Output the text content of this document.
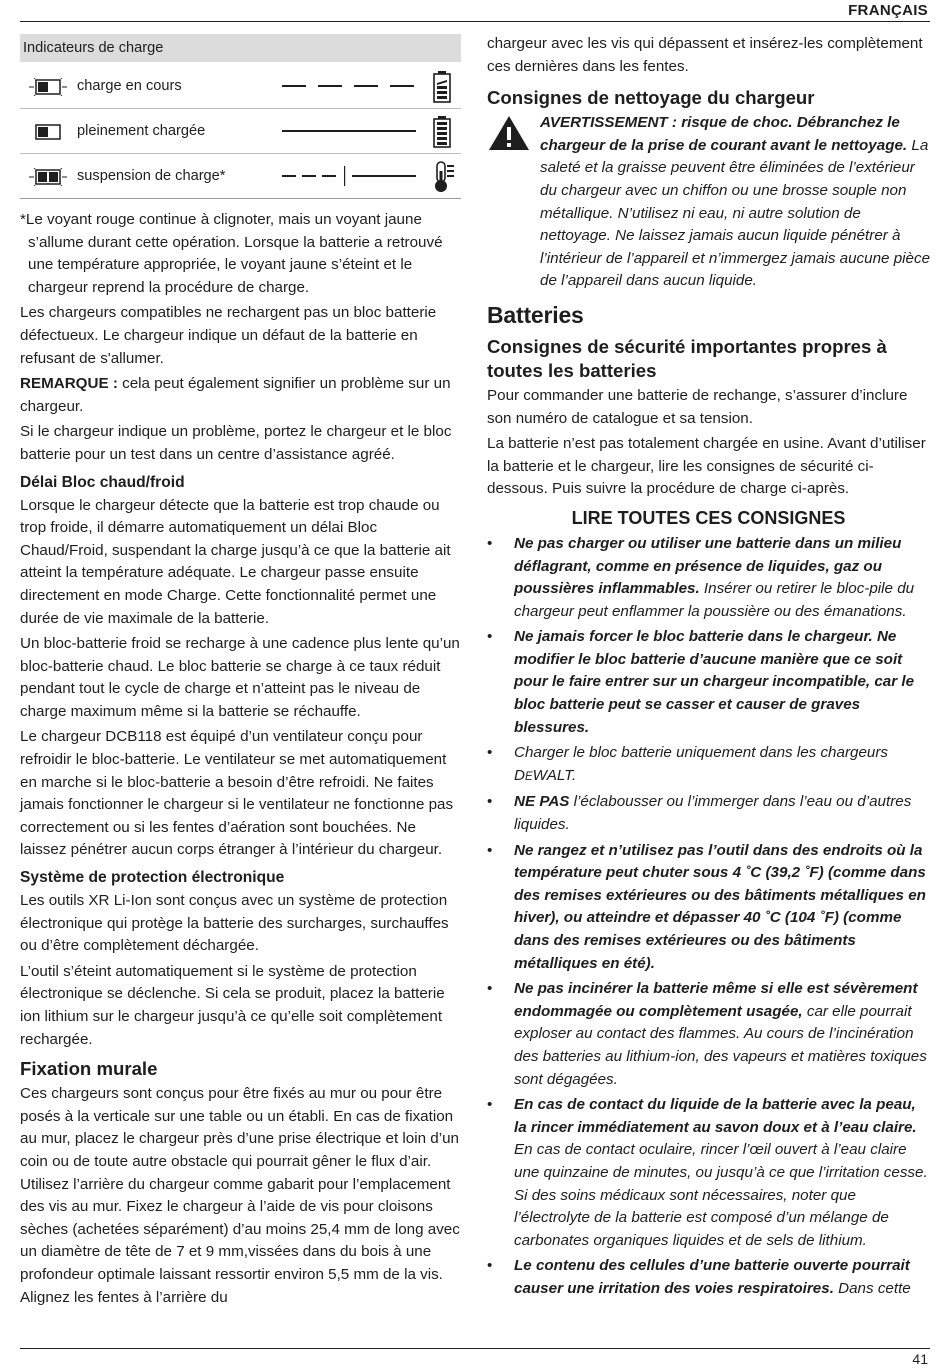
FRANÇAIS
Indicateurs de charge
charge en cours
pleinement chargée
suspension de charge*

*Le voyant rouge continue à clignoter, mais un voyant jaune s’allume durant cette opération. Lorsque la batterie a retrouvé une température appropriée, le voyant jaune s’éteint et le chargeur reprend la procédure de charge.

Les chargeurs compatibles ne rechargent pas un bloc batterie défectueux. Le chargeur indique un défaut de la batterie en refusant de s'allumer.

REMARQUE : cela peut également signifier un problème sur un chargeur.

Si le chargeur indique un problème, portez le chargeur et le bloc batterie pour un test dans un centre d’assistance agréé.

Délai Bloc chaud/froid

Lorsque le chargeur détecte que la batterie est trop chaude ou trop froide, il démarre automatiquement un délai Bloc Chaud/Froid, suspendant la charge jusqu’à ce que la batterie ait atteint la température adéquate. Le chargeur passe ensuite directement en mode Charge. Cette fonctionnalité permet une durée de vie maximale de la batterie.

Un bloc-batterie froid se recharge à une cadence plus lente qu’un bloc-batterie chaud. Le bloc batterie se charge à ce taux réduit pendant tout le cycle de charge et n’atteint pas le niveau de charge maximum même si la batterie se réchauffe.

Le chargeur DCB118 est équipé d’un ventilateur conçu pour refroidir le bloc-batterie. Le ventilateur se met automatiquement en marche si le bloc-batterie a besoin d’être refroidi. Ne faites jamais fonctionner le chargeur si le ventilateur ne fonctionne pas correctement ou si les fentes d’aération sont bouchées. Ne laissez pénétrer aucun corps étranger à l’intérieur du chargeur.

Système de protection électronique

Les outils XR Li-Ion sont conçus avec un système de protection électronique qui protège la batterie des surcharges, surchauffes ou d’être complètement déchargée.

L’outil s’éteint automatiquement si le système de protection électronique se déclenche. Si cela se produit, placez la batterie ion lithium sur le chargeur jusqu’à ce qu’elle soit complètement rechargée.

Fixation murale

Ces chargeurs sont conçus pour être fixés au mur ou pour être posés à la verticale sur une table ou un établi. En cas de fixation au mur, placez le chargeur près d’une prise électrique et loin d’un coin ou de toute autre obstacle qui pourrait gêner le flux d’air. Utilisez l’arrière du chargeur comme gabarit pour l’emplacement des vis au mur. Fixez le chargeur à l’aide de vis pour cloisons sèches (achetées séparément) d’au moins 25,4 mm de long avec un diamètre de tête de 7 et 9 mm,vissées dans du bois à une profondeur optimale laissant ressortir environ 5,5 mm de la vis. Alignez les fentes à l’arrière du

chargeur avec les vis qui dépassent et insérez-les complètement ces dernières dans les fentes.

Consignes de nettoyage du chargeur

AVERTISSEMENT : risque de choc. Débranchez le chargeur de la prise de courant avant le nettoyage. La saleté et la graisse peuvent être éliminées de l’extérieur du chargeur avec un chiffon ou une brosse souple non métallique. N’utilisez ni eau, ni autre solution de nettoyage. Ne laissez jamais aucun liquide pénétrer à l’intérieur de l’appareil et n’immergez jamais aucune pièce de l’appareil dans aucun liquide.

Batteries
Consignes de sécurité importantes propres à toutes les batteries

Pour commander une batterie de rechange, s’assurer d’inclure son numéro de catalogue et sa tension.

La batterie n’est pas totalement chargée en usine. Avant d’utiliser la batterie et le chargeur, lire les consignes de sécurité ci-dessous. Puis suivre la procédure de charge ci-après.

LIRE TOUTES CES CONSIGNES
• Ne pas charger ou utiliser une batterie dans un milieu déflagrant, comme en présence de liquides, gaz ou poussières inflammables. Insérer ou retirer le bloc-pile du chargeur peut enflammer la poussière ou des émanations.
• Ne jamais forcer le bloc batterie dans le chargeur. Ne modifier le bloc batterie d’aucune manière que ce soit pour le faire entrer sur un chargeur incompatible, car le bloc batterie peut se casser et causer de graves blessures.
• Charger le bloc batterie uniquement dans les chargeurs DEWALT.
• NE PAS l’éclabousser ou l’immerger dans l’eau ou d’autres liquides.
• Ne rangez et n’utilisez pas l’outil dans des endroits où la température peut chuter sous 4 ˚C (39,2 ˚F) (comme dans des remises extérieures ou des bâtiments métalliques en hiver), ou atteindre et dépasser 40 ˚C (104 ˚F) (comme dans des remises extérieures ou des bâtiments métalliques en été).
• Ne pas incinérer la batterie même si elle est sévèrement endommagée ou complètement usagée, car elle pourrait exploser au contact des flammes. Au cours de l’incinération des batteries au lithium-ion, des vapeurs et matières toxiques sont dégagées.
• En cas de contact du liquide de la batterie avec la peau, la rincer immédiatement au savon doux et à l’eau claire. En cas de contact oculaire, rincer l’œil ouvert à l’eau claire une quinzaine de minutes, ou jusqu’à ce que l’irritation cesse. Si des soins médicaux sont nécessaires, noter que l’électrolyte de la batterie est composé d’un mélange de carbonates organiques liquides et de sels de lithium.
• Le contenu des cellules d’une batterie ouverte pourrait causer une irritation des voies respiratoires. Dans cette
41
